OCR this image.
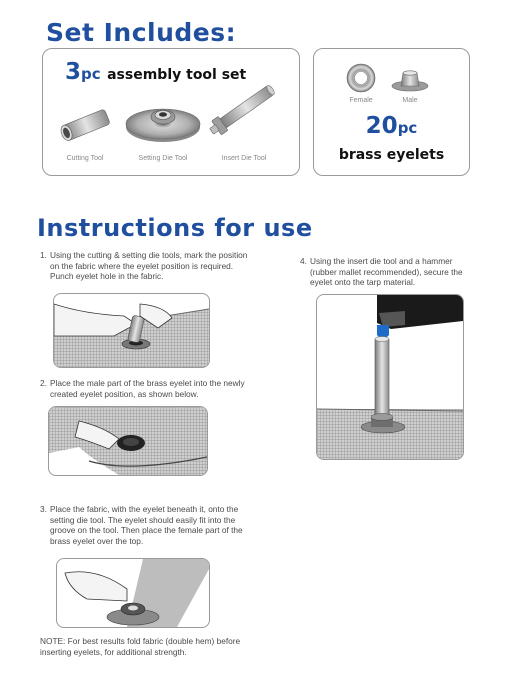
Set Includes:
3pc assembly tool set
Cutting Tool	Setting Die Tool	Insert Die Tool
Female	Male
20pc
brass eyelets
Instructions for use
1. Using the cutting & setting die tools, mark the position on the fabric where the eyelet position is required. Punch eyelet hole in the fabric.
2. Place the male part of the brass eyelet into the newly created eyelet position, as shown below.
3. Place the fabric, with the eyelet beneath it, onto the setting die tool. The eyelet should easily fit into the groove on the tool. Then place the female part of the brass eyelet over the top.
4. Using the insert die tool and a hammer (rubber mallet recommended), secure the eyelet onto the tarp material.
NOTE: For best results fold fabric (double hem) before inserting eyelets, for additional strength.
